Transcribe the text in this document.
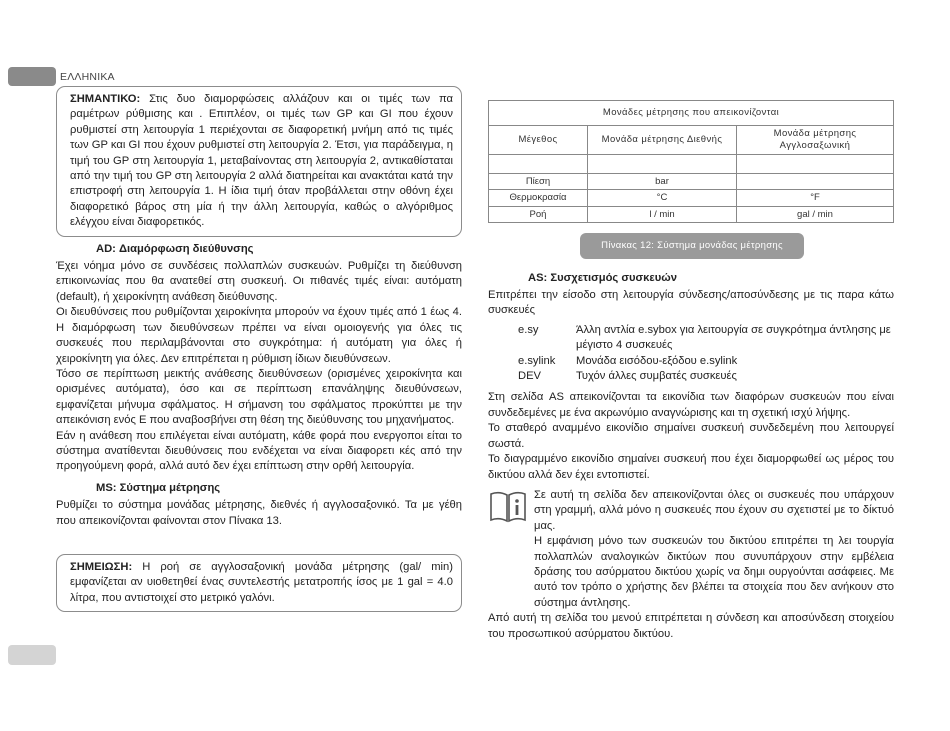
ΕΛΛΗΝΙΚΑ

ΣΗΜΑΝΤΙΚΟ: Στις δυο διαμορφώσεις αλλάζουν και οι τιμές των πα ραμέτρων ρύθμισης και . Επιπλέον, οι τιμές των GP και GI που έχουν ρυθμιστεί στη λειτουργία 1 περιέχονται σε διαφορετική μνήμη από τις τιμές των GP και GI που έχουν ρυθμιστεί στη λειτουργία 2. Έτσι, για παράδειγμα, η τιμή του GP στη λειτουργία 1, μεταβαίνοντας στη λειτουργία 2, αντικαθίσταται από την τιμή του GP στη λειτουργία 2 αλλά διατηρείται και ανακτάται κατά την επιστροφή στη λειτουργία 1. Η ίδια τιμή όταν προβάλλεται στην οθόνη έχει διαφορετικό βάρος στη μία ή την άλλη λειτουργία, καθώς ο αλγόριθμος ελέγχου είναι διαφορετικός.

AD: Διαμόρφωση διεύθυνσης

Έχει νόημα μόνο σε συνδέσεις πολλαπλών συσκευών. Ρυθμίζει τη διεύθυνση επικοινωνίας που θα ανατεθεί στη συσκευή. Οι πιθανές τιμές είναι: αυτόματη (default), ή χειροκίνητη ανάθεση διεύθυνσης.

Οι διευθύνσεις που ρυθμίζονται χειροκίνητα μπορούν να έχουν τιμές από 1 έως 4. Η διαμόρφωση των διευθύνσεων πρέπει να είναι ομοιογενής για όλες τις συσκευές που περιλαμβάνονται στο συγκρότημα: ή αυτόματη για όλες ή χειροκίνητη για όλες. Δεν επιτρέπεται η ρύθμιση ίδιων διευθύνσεων.

Τόσο σε περίπτωση μεικτής ανάθεσης διευθύνσεων (ορισμένες χειροκίνητα και ορισμένες αυτόματα), όσο και σε περίπτωση επανάληψης διευθύνσεων, εμφανίζεται μήνυμα σφάλματος. Η σήμανση του σφάλματος προκύπτει με την απεικόνιση ενός E που αναβοσβήνει στη θέση της διεύθυνσης του μηχανήματος.

Εάν η ανάθεση που επιλέγεται είναι αυτόματη, κάθε φορά που ενεργοποι είται το σύστημα ανατίθενται διευθύνσεις που ενδέχεται να είναι διαφορετι κές από την προηγούμενη φορά, αλλά αυτό δεν έχει επίπτωση στην ορθή λειτουργία.

MS: Σύστημα μέτρησης

Ρυθμίζει το σύστημα μονάδας μέτρησης, διεθνές ή αγγλοσαξονικό. Τα με γέθη που απεικονίζονται φαίνονται στον Πίνακα 13.

ΣΗΜΕΙΩΣΗ: Η ροή σε αγγλοσαξονική μονάδα μέτρησης (gal/ min) εμφανίζεται αν υιοθετηθεί ένας συντελεστής μετατροπής ίσος με 1 gal = 4.0 λίτρα, που αντιστοιχεί στο μετρικό γαλόνι.

Μονάδες μέτρησης που απεικονίζονται		
Μέγεθος	Μονάδα μέτρησης Διεθνής	Μονάδα μέτρησης Αγγλοσαξωνική

Πίεση	bar	
Θερμοκρασία	°C	°F
Ροή	l / min	gal / min
Πίνακας 12: Σύστημα μονάδας μέτρησης
AS: Συσχετισμός συσκευών

Επιτρέπει την είσοδο στη λειτουργία σύνδεσης/αποσύνδεσης με τις παρα κάτω συσκευές

e.sy	Άλλη αντλία e.sybox για λειτουργία σε συγκρότημα άντλησης με μέγιστο 4 συσκευές
e.sylink	Μονάδα εισόδου-εξόδου e.sylink
DEV	Τυχόν άλλες συμβατές συσκευές

Στη σελίδα AS απεικονίζονται τα εικονίδια των διαφόρων συσκευών που είναι συνδεδεμένες με ένα ακρωνύμιο αναγνώρισης και τη σχετική ισχύ λήψης.

Το σταθερό αναμμένο εικονίδιο σημαίνει συσκευή συνδεδεμένη που λειτουργεί σωστά.

Το διαγραμμένο εικονίδιο σημαίνει συσκευή που έχει διαμορφωθεί ως μέρος του δικτύου αλλά δεν έχει εντοπιστεί.

Σε αυτή τη σελίδα δεν απεικονίζονται όλες οι συσκευές που υπάρχουν στη γραμμή, αλλά μόνο η συσκευές που έχουν συ σχετιστεί με το δίκτυό μας.

Η εμφάνιση μόνο των συσκευών του δικτύου επιτρέπει τη λει τουργία πολλαπλών αναλογικών δικτύων που συνυπάρχουν στην εμβέλεια δράσης του ασύρματου δικτύου χωρίς να δημι ουργούνται ασάφειες. Με αυτό τον τρόπο ο χρήστης δεν βλέπει τα στοιχεία που δεν ανήκουν στο σύστημα άντλησης.

Από αυτή τη σελίδα του μενού επιτρέπεται η σύνδεση και αποσύνδεση στοιχείου του προσωπικού ασύρματου δικτύου.
